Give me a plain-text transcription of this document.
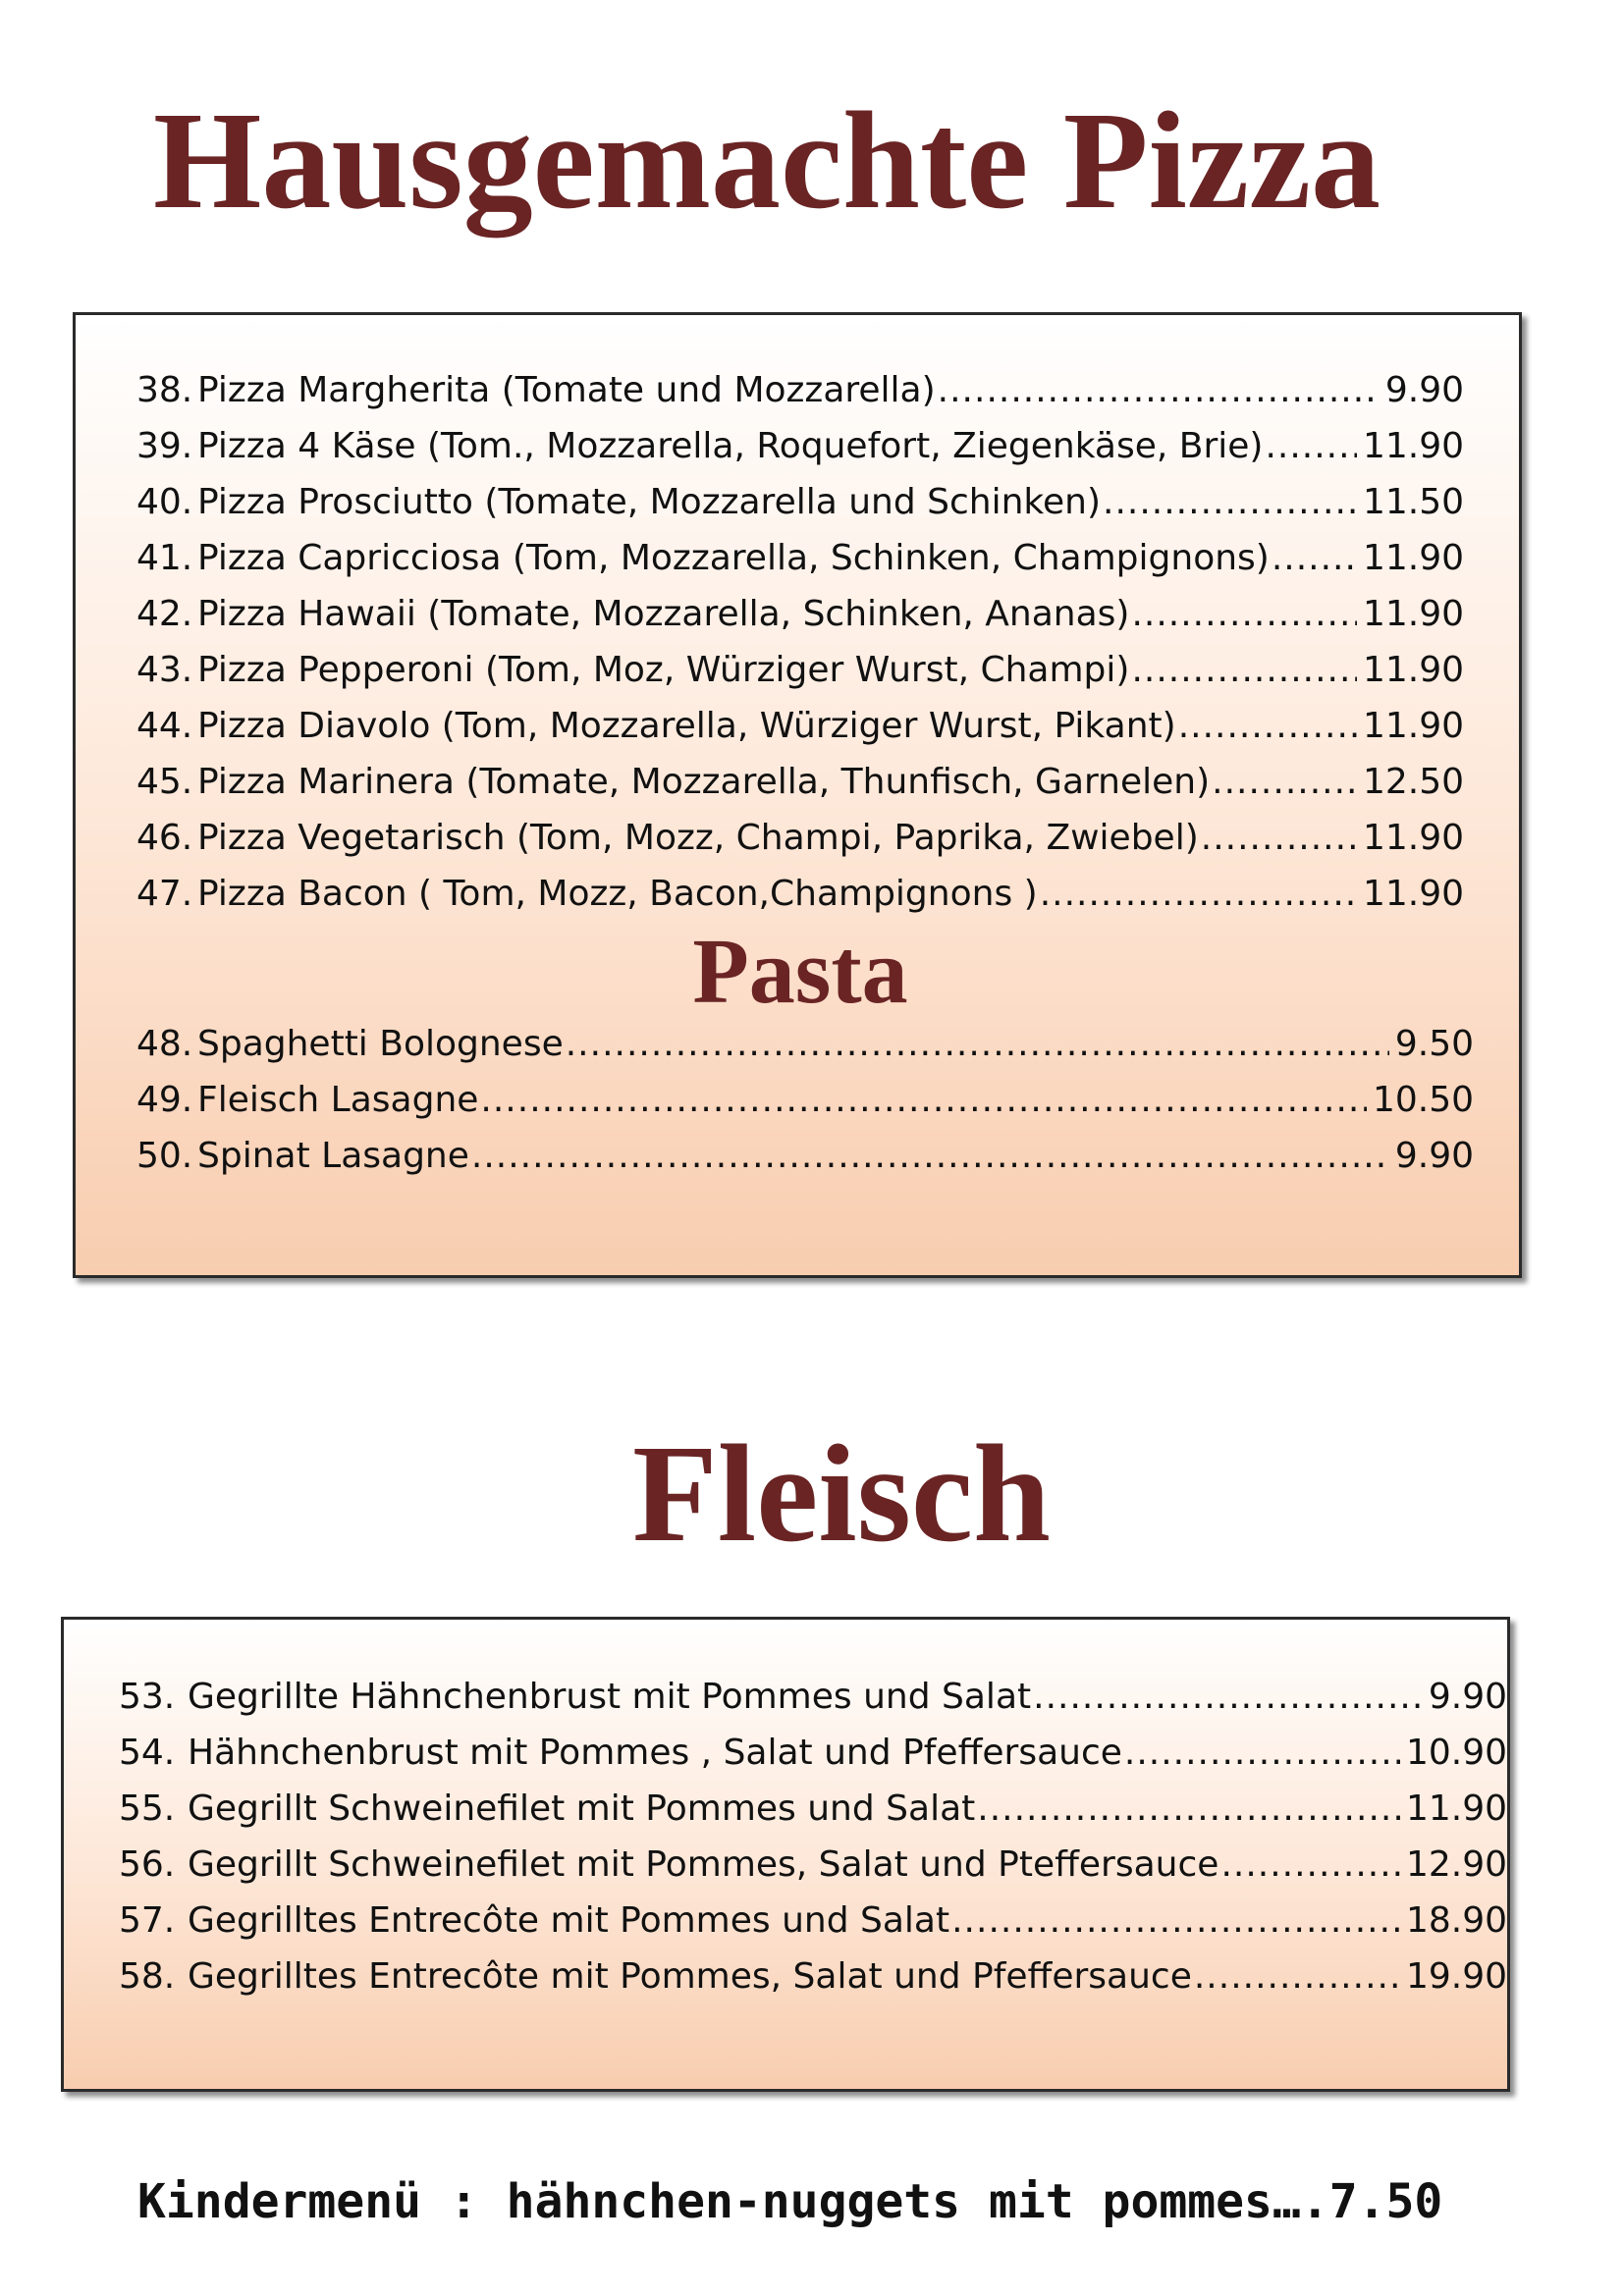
Hausgemachte Pizza
38. Pizza Margherita (Tomate und Mozzarella) .....	9.90
39. Pizza 4 Käse (Tom., Mozzarella, Roquefort, Ziegenkäse, Brie) .....	11.90
40. Pizza Prosciutto (Tomate, Mozzarella und Schinken) .....	11.50
41. Pizza Capricciosa (Tom, Mozzarella, Schinken, Champignons) .....	11.90
42. Pizza Hawaii (Tomate, Mozzarella, Schinken, Ananas) .....	11.90
43. Pizza Pepperoni (Tom, Moz, Würziger Wurst, Champi) .....	11.90
44. Pizza Diavolo (Tom, Mozzarella, Würziger Wurst, Pikant) .....	11.90
45. Pizza Marinera (Tomate, Mozzarella, Thunfisch, Garnelen) .....	12.50
46. Pizza Vegetarisch (Tom, Mozz, Champi, Paprika, Zwiebel) .....	11.90
47. Pizza Bacon ( Tom, Mozz, Bacon,Champignons ) .....	11.90
Pasta
48. Spaghetti Bolognese .....	9.50
49. Fleisch Lasagne .....	10.50
50. Spinat Lasagne .....	9.90
Fleisch
53. Gegrillte Hähnchenbrust mit Pommes und Salat .....	9.90
54. Hähnchenbrust mit Pommes , Salat und Pfeffersauce .....	10.90
55. Gegrillt Schweinefilet mit Pommes und Salat .....	11.90
56. Gegrillt Schweinefilet mit Pommes, Salat und Pteffersauce .....	12.90
57. Gegrilltes Entrecôte mit Pommes und Salat .....	18.90
58. Gegrilltes Entrecôte mit Pommes, Salat und Pfeffersauce .....	19.90
Kindermenü : hähnchen-nuggets mit pommes….7.50
